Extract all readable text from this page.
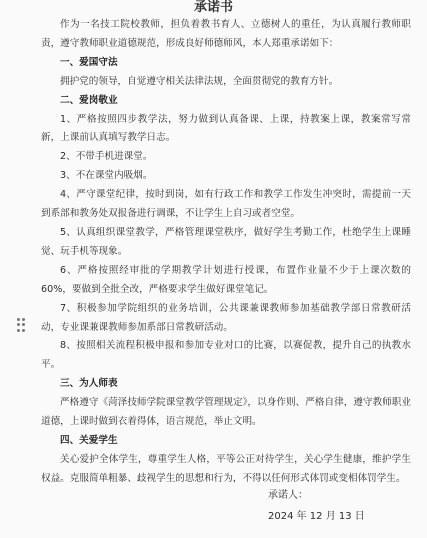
承诺书

作为一名技工院校教师，担负着教书育人、立德树人的重任，为认真履行教师职责，遵守教师职业道德规范，形成良好师德师风，本人郑重承诺如下：

一、爱国守法

拥护党的领导，自觉遵守相关法律法规，全面贯彻党的教育方针。

二、爱岗敬业

1、严格按照四步教学法，努力做到认真备课、上课，持教案上课，教案常写常新，上课前认真填写教学日志。

2、不带手机进课堂。

3、不在课堂内吸烟。

4、严守课堂纪律，按时到岗，如有行政工作和教学工作发生冲突时，需提前一天到系部和教务处双报备进行调课，不让学生上自习或者空堂。

5、认真组织课堂教学，严格管理课堂秩序，做好学生考勤工作，杜绝学生上课睡觉、玩手机等现象。

6、严格按照经审批的学期教学计划进行授课，布置作业量不少于上课次数的60%，要做到全批全改，严格要求学生做好课堂笔记。

7、积极参加学院组织的业务培训，公共课兼课教师参加基础教学部日常教研活动，专业课兼课教师参加系部日常教研活动。

8、按照相关流程积极申报和参加专业对口的比赛，以赛促教，提升自己的执教水平。

三、为人师表

严格遵守《菏泽技师学院课堂教学管理规定》，以身作则、严格自律，遵守教师职业道德，上课时做到衣着得体，语言规范，举止文明。

四、关爱学生

关心爱护全体学生，尊重学生人格，平等公正对待学生，关心学生健康，维护学生权益。克服简单粗暴、歧视学生的思想和行为，不得以任何形式体罚或变相体罚学生。

承诺人：
2024 年 12 月 13 日
